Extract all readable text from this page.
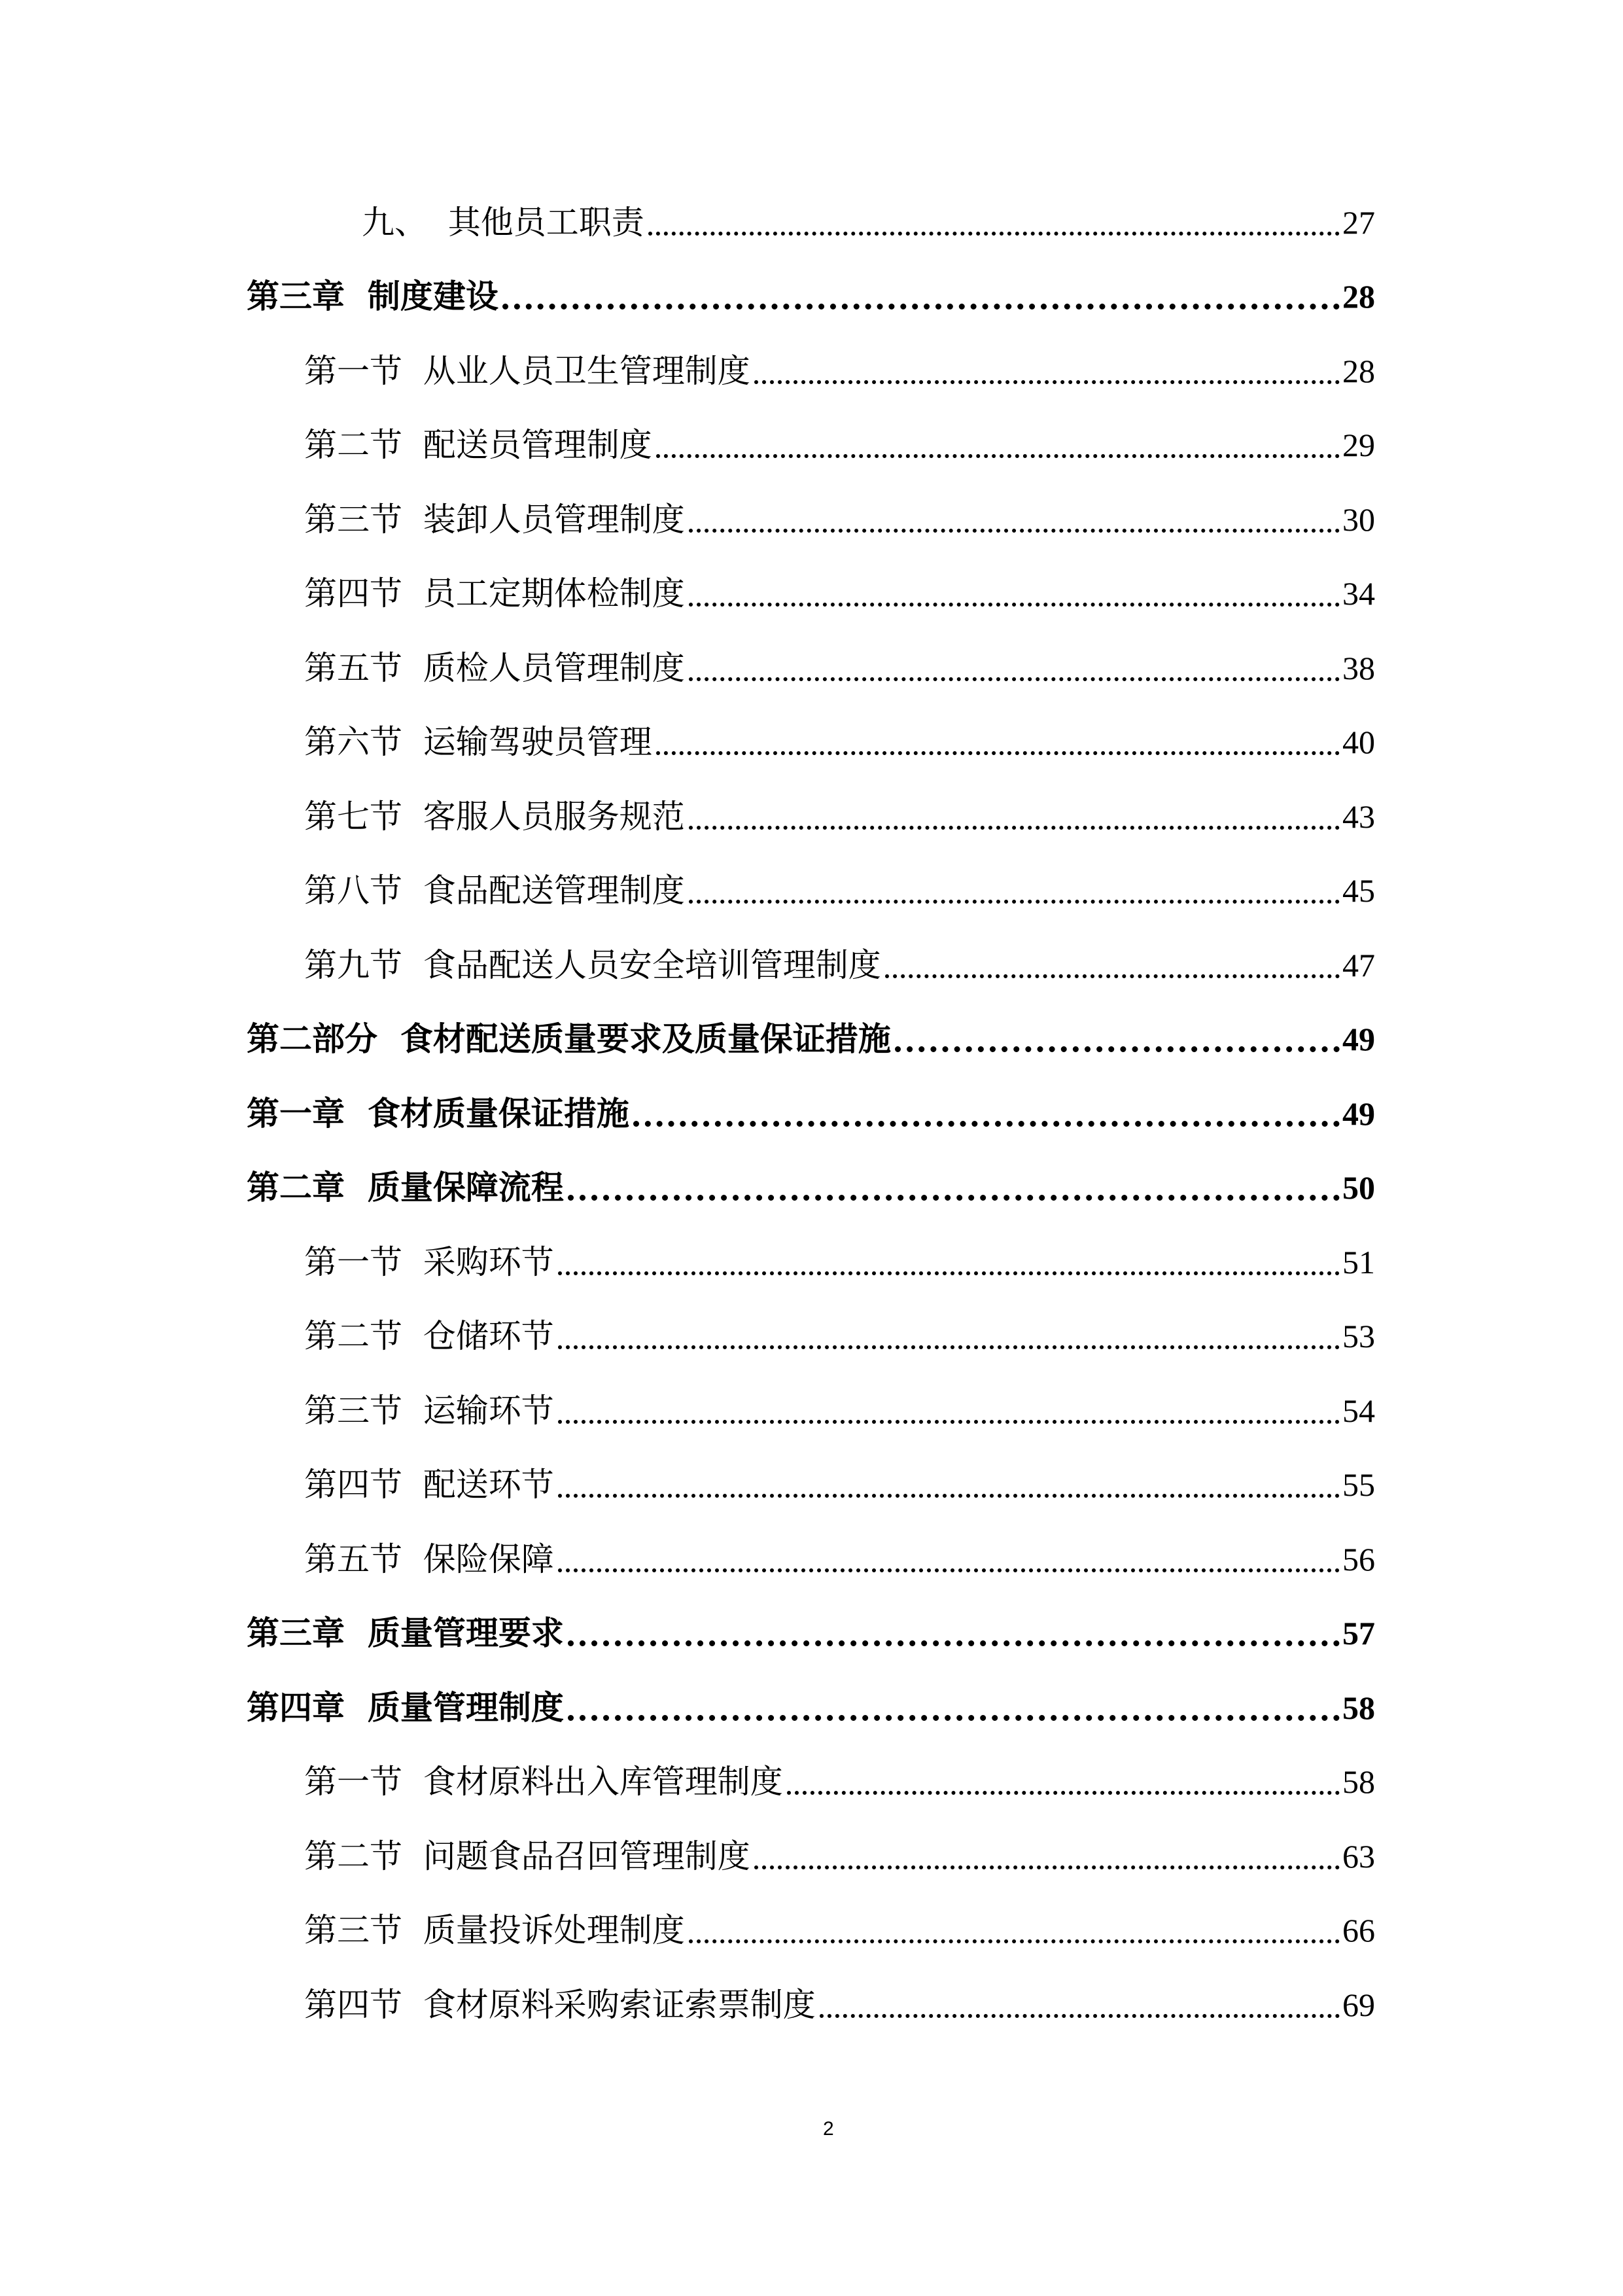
九、  其他员工职责	27
第三章  制度建设	28
第一节  从业人员卫生管理制度	28
第二节  配送员管理制度	29
第三节  装卸人员管理制度	30
第四节  员工定期体检制度	34
第五节  质检人员管理制度	38
第六节  运输驾驶员管理	40
第七节  客服人员服务规范	43
第八节  食品配送管理制度	45
第九节  食品配送人员安全培训管理制度	47
第二部分  食材配送质量要求及质量保证措施	49
第一章  食材质量保证措施	49
第二章  质量保障流程	50
第一节  采购环节	51
第二节  仓储环节	53
第三节  运输环节	54
第四节  配送环节	55
第五节  保险保障	56
第三章  质量管理要求	57
第四章  质量管理制度	58
第一节  食材原料出入库管理制度	58
第二节  问题食品召回管理制度	63
第三节  质量投诉处理制度	66
第四节  食材原料采购索证索票制度	69
2
